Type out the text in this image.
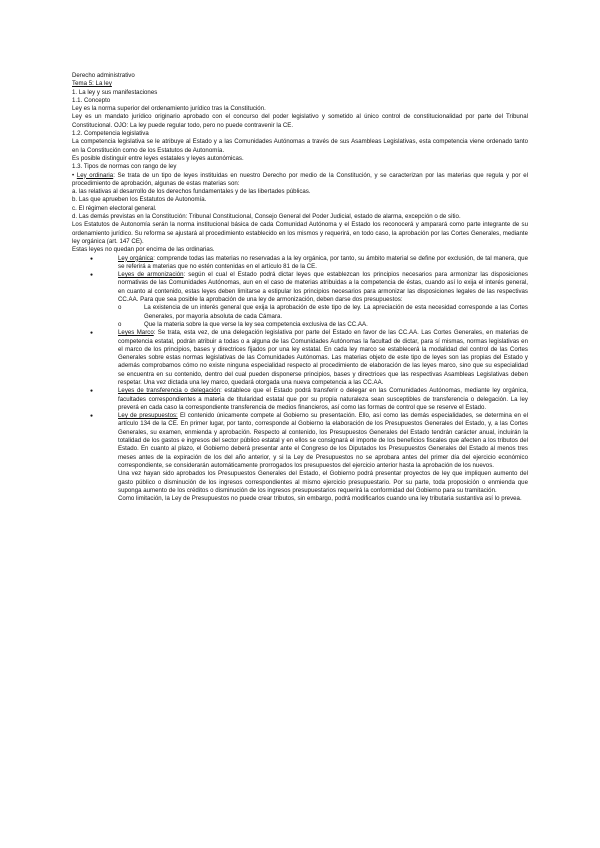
Derecho administrativo

Tema 5: La ley

1. La ley y sus manifestaciones

1.1. Concepto

Ley es la norma superior del ordenamiento jurídico tras la Constitución.

Ley es un mandato jurídico originario aprobado con el concurso del poder legislativo y sometido al único control de constitucionalidad por parte del Tribunal Constitucional. OJO: La ley puede regular todo, pero no puede contravenir la CE.

1.2. Competencia legislativa

La competencia legislativa se le atribuye al Estado y a las Comunidades Autónomas a través de sus Asambleas Legislativas, esta competencia viene ordenado tanto en la Constitución como de los Estatutos de Autonomía.

Es posible distinguir entre leyes estatales y leyes autonómicas.

1.3. Tipos de normas con rango de ley

• Ley ordinaria: Se trata de un tipo de leyes instituidas en nuestro Derecho por medio de la Constitución, y se caracterizan por las materias que regula y por el procedimiento de aprobación, algunas de estas materias son:

a. las relativas al desarrollo de los derechos fundamentales y de las libertades públicas.

b. Las que aprueben los Estatutos de Autonomía.

c. El régimen electoral general.

d. Las demás previstas en la Constitución: Tribunal Constitucional, Consejo General del Poder Judicial, estado de alarma, excepción o de sitio.

Los Estatutos de Autonomía serán la norma institucional básica de cada Comunidad Autónoma y el Estado los reconocerá y amparará como parte integrante de su ordenamiento jurídico. Su reforma se ajustará al procedimiento establecido en los mismos y requerirá, en todo caso, la aprobación por las Cortes Generales, mediante ley orgánica (art. 147 CE).

Estas leyes no quedan por encima de las ordinarias.

● Ley orgánica: comprende todas las materias no reservadas a la ley orgánica, por tanto, su ámbito material se define por exclusión, de tal manera, que se referirá a materias que no estén contenidas en el artículo 81 de la CE.
● Leyes de armonización: según el cual el Estado podrá dictar leyes que establezcan los principios necesarios para armonizar las disposiciones normativas de las Comunidades Autónomas, aun en el caso de materias atribuidas a la competencia de éstas, cuando así lo exija el interés general, en cuanto al contenido, estas leyes deben limitarse a estipular los principios necesarios para armonizar las disposiciones legales de las respectivas CC.AA. Para que sea posible la aprobación de una ley de armonización, deben darse dos presupuestos:
o La existencia de un interés general que exija la aprobación de este tipo de ley. La apreciación de esta necesidad corresponde a las Cortes Generales, por mayoría absoluta de cada Cámara.
o Que la materia sobre la que verse la ley sea competencia exclusiva de las CC.AA.
● Leyes Marco: Se trata, esta vez, de una delegación legislativa por parte del Estado en favor de las CC.AA. Las Cortes Generales, en materias de competencia estatal, podrán atribuir a todas o a alguna de las Comunidades Autónomas la facultad de dictar, para sí mismas, normas legislativas en el marco de los principios, bases y directrices fijados por una ley estatal. En cada ley marco se establecerá la modalidad del control de las Cortes Generales sobre estas normas legislativas de las Comunidades Autónomas. Las materias objeto de este tipo de leyes son las propias del Estado y además comprobamos cómo no existe ninguna especialidad respecto al procedimiento de elaboración de las leyes marco, sino que su especialidad se encuentra en su contenido, dentro del cual pueden disponerse principios, bases y directrices que las respectivas Asambleas Legislativas deben respetar. Una vez dictada una ley marco, quedará otorgada una nueva competencia a las CC.AA.
● Leyes de transferencia o delegación: establece que el Estado podrá transferir o delegar en las Comunidades Autónomas, mediante ley orgánica, facultades correspondientes a materia de titularidad estatal que por su propia naturaleza sean susceptibles de transferencia o delegación. La ley preverá en cada caso la correspondiente transferencia de medios financieros, así como las formas de control que se reserve el Estado.
● Ley de presupuestos: El contenido únicamente compete al Gobierno su presentación. Ello, así como las demás especialidades, se determina en el artículo 134 de la CE. En primer lugar, por tanto, corresponde al Gobierno la elaboración de los Presupuestos Generales del Estado, y, a las Cortes Generales, su examen, enmienda y aprobación. Respecto al contenido, los Presupuestos Generales del Estado tendrán carácter anual, incluirán la totalidad de los gastos e ingresos del sector público estatal y en ellos se consignará el importe de los beneficios fiscales que afecten a los tributos del Estado. En cuanto al plazo, el Gobierno deberá presentar ante el Congreso de los Diputados los Presupuestos Generales del Estado al menos tres meses antes de la expiración de los del año anterior, y si la Ley de Presupuestos no se aprobara antes del primer día del ejercicio económico correspondiente, se considerarán automáticamente prorrogados los presupuestos del ejercicio anterior hasta la aprobación de los nuevos.

Una vez hayan sido aprobados los Presupuestos Generales del Estado, el Gobierno podrá presentar proyectos de ley que impliquen aumento del gasto público o disminución de los ingresos correspondientes al mismo ejercicio presupuestario. Por su parte, toda proposición o enmienda que suponga aumento de los créditos o disminución de los ingresos presupuestarios requerirá la conformidad del Gobierno para su tramitación.

Como limitación, la Ley de Presupuestos no puede crear tributos, sin embargo, podrá modificarlos cuando una ley tributaria sustantiva así lo prevea.
